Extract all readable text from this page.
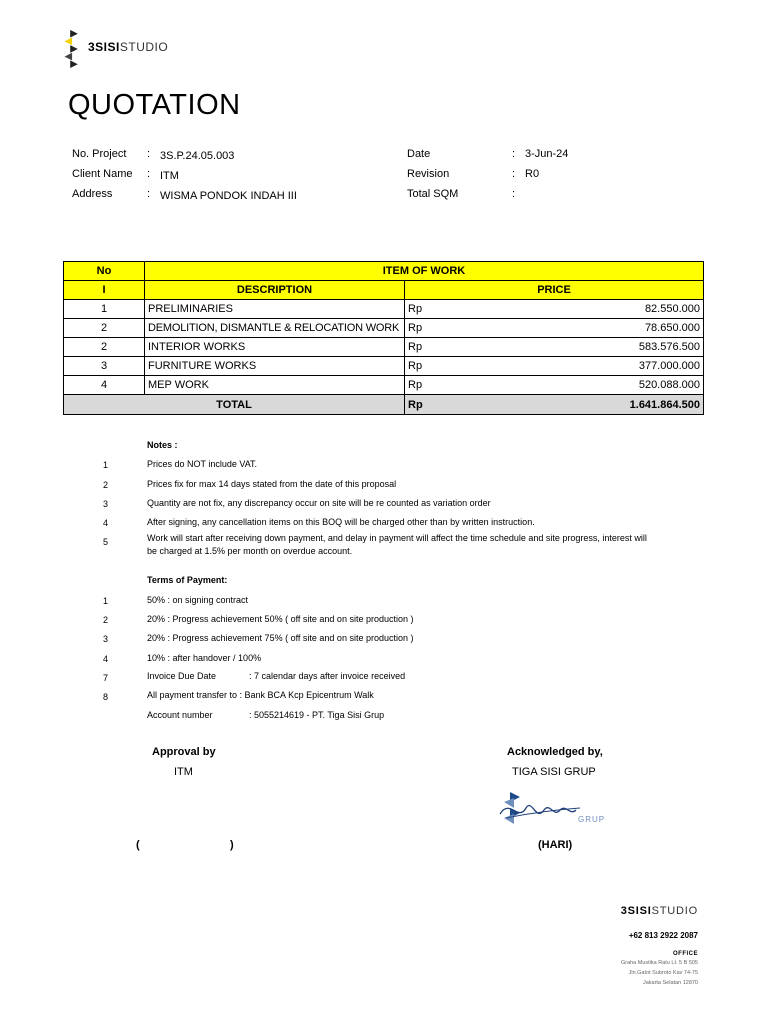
3SISISTUDIO
QUOTATION
No. Project : 3S.P.24.05.003
Client Name : ITM
Address	: WISMA PONDOK INDAH III
Date	: 3-Jun-24
Revision	: R0
Total SQM	:
No	ITEM OF WORK		
I	DESCRIPTION	PRICE	
1	PRELIMINARIES	Rp	82.550.000
2	DEMOLITION, DISMANTLE & RELOCATION WORK	Rp	78.650.000
2	INTERIOR WORKS	Rp	583.576.500
3	FURNITURE WORKS	Rp	377.000.000
4	MEP WORK	Rp	520.088.000
TOTAL		Rp	1.641.864.500
Notes :
1	Prices do NOT include VAT.
2	Prices fix for max 14 days stated from the date of this proposal
3	Quantity are not fix, any discrepancy occur on site will be re counted as variation order
4	After signing, any cancellation items on this BOQ will be charged other than by written instruction.
5	Work will start after receiving down payment, and delay in payment will affect the time schedule and site progress, interest will
be charged at 1.5% per month on overdue account.
Terms of Payment:
1	50% : on signing contract
2	20% : Progress achievement 50% ( off site and on site production )
3	20% : Progress achievement 75% ( off site and on site production )
4	10% : after handover / 100%
7	Invoice Due Date	: 7 calendar days after invoice received
8	All payment transfer to : Bank BCA Kcp Epicentrum Walk
Account number	: 5055214619 - PT. Tiga Sisi Grup
Approval by
ITM
(	)
Acknowledged by,
TIGA SISI GRUP
GRUP
(HARI)
3SISISTUDIO
+62 813 2922 2087
OFFICE
Graha Mustika Ratu Lt. 5 B 505
Jln.Gatot Subroto Kav 74-75
Jakarta Selatan 12870
